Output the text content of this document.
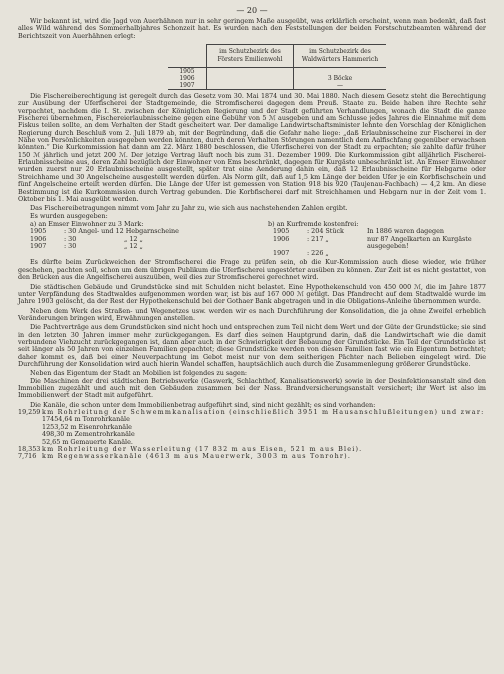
— 20 —

Wir bekannt ist, wird die Jagd von Auerhähnen nur in sehr geringem Maße ausgeübt, was erklärlich erscheint, wenn man bedenkt, daß fast alles Wild während des Sommerhalbjahres Schonzeit hat. Es wurden nach den Feststellungen der beiden Forstschutzbeamten während der Berichtszeit von Auerhähnen erlegt:

	im Schutzbezirk des Försters Emilienwohl	im Schutzbezirk des Waldwärters Hammerich
1905		
1906		3 Böcke
1907		—

Die Fischereiberechtigung ist geregelt durch das Gesetz vom 30. Mai 1874 und 30. Mai 1880. Nach diesem Gesetz steht die Berechtigung zur Ausübung der Uferfischerei der Stadtgemeinde, die Stromfischerei dagegen dem Preuß. Staate zu. Beide haben ihre Rechte sehr verpachtet, nachdem die I. St. zwischen der Königlichen Regierung und der Stadt geführten Verhandlungen, wonach die Stadt die ganze Fischerei übernehmen, Fischereierlaubnisscheine gegen eine Gebühr von 5 ℳ ausgeben und am Schlusse jedes Jahres die Einnahme mit dem Fiskus teilen sollte, an dem Verhalten der Stadt gescheitert war. Der damalige Landwirtschaftsminister lehnte den Vorschlag der Königlichen Regierung durch Beschluß vom 2. Juli 1879 ab, mit der Begründung, daß die Gefahr nahe liege: „daß Erlaubnisscheine zur Fischerei in der Nähe von Persönlichkeiten ausgegeben werden könnten, durch deren Verhalten Störungen namentlich dem Aalfischfang gegenüber erwachsen könnten.“ Die Kurkommission hat dann am 22. März 1880 beschlossen, die Uferfischerei von der Stadt zu erpachten; sie zahlte dafür früher 150 ℳ jährlich und jetzt 200 ℳ. Der jetzige Vertrag läuft noch bis zum 31. Dezember 1909. Die Kurkommission gibt alljährlich Fischerei-Erlaubnisscheine aus, deren Zahl bezüglich der Einwohner von Ems beschränkt, dagegen für Kurgäste unbeschränkt ist. An Emser Einwohner wurden zuerst nur 20 Erlaubnisscheine ausgestellt, später trat eine Aenderung dahin ein, daß 12 Erlaubnisscheine für Hebgarne oder Streichhame und 30 Angelscheine ausgestellt werden dürfen. Als Norm gilt, daß auf 1,5 km Länge der beiden Ufer je ein Korbfischschein und fünf Angelscheine erteilt werden dürfen. Die Länge der Ufer ist gemessen von Station 918 bis 920 (Taujenau-Fachbach) — 4,2 km. An diese Bestimmung ist die Kurkommission durch Vertrag gebunden. Die Korbfischerei darf mit Streichhamen und Hebgarn nur in der Zeit vom 1. Oktober bis 1. Mai ausgeübt werden.

Das Fischereibetragungen nimmt vom Jahr zu Jahr zu, wie sich aus nachstehenden Zahlen ergibt.

Es wurden ausgegeben:

a) an Emser Einwohner zu 3 Mark:	b) an Kurfremde kostenfrei:
1905	: 30 Angel- und 12 Hebgarnscheine
1906	: 30	„ 12 „
1907	: 30	„ 12 „
1905	: 204 Stück	In 1886 waren dagegen
1906	: 217 „	nur 87 Angelkarten an Kurgäste ausgegeben!
1907	: 226 „

Es dürfte beim Zurückweichen der Stromfischerei die Frage zu prüfen sein, ob die Kur-Kommission auch diese wieder, wie früher geschehen, pachten soll, schon um dem übrigen Publikum die Uferfischerei ungestörter ausüben zu können. Zur Zeit ist es nicht gestattet, von den Brücken aus die Angelfischerei auszuüben, weil dies zur Stromfischerei gerechnet wird.

Die städtischen Gebäude und Grundstücke sind mit Schulden nicht belastet. Eine Hypothekenschuld von 450 000 ℳ, die im Jahre 1877 unter Verpfändung des Stadtwaldes aufgenommen worden war, ist bis auf 167 000 ℳ getilgt. Das Pfandrecht auf dem Stadtwalde wurde im Jahre 1903 gelöscht, da der Rest der Hypothekenschuld bei der Gothaer Bank abgetragen und in die Obligations-Anleihe übernommen wurde.

Neben dem Werk des Straßen- und Wegenetzes usw. werden wir es nach Durchführung der Konsolidation, die ja ohne Zweifel erheblich Veränderungen bringen wird, Erwähnungen anstellen.

Die Pachtverträge aus dem Grundstücken sind nicht hoch und entsprechen zum Teil nicht dem Wert und der Güte der Grundstücke; sie sind in den letzten 30 Jahren immer mehr zurückgegangen. Es darf dies seinen Hauptgrund darin, daß die Landwirtschaft wie die damit verbundene Viehzucht zurückgegangen ist, dann aber auch in der Schwierigkeit der Bebauung der Grundstücke. Ein Teil der Grundstücke ist seit länger als 50 Jahren von einzelnen Familien gepachtet; diese Grundstücke werden von diesen Familien fast wie ein Eigentum betrachtet; daher kommt es, daß bei einer Neuverpachtung im Gebot meist nur von dem seitherigen Pächter nach Belieben eingelegt wird. Die Durchführung der Konsolidation wird auch hierin Wandel schaffen, hauptsächlich auch durch die Zusammenlegung größerer Grundstücke.

Neben das Eigentum der Stadt an Mobilien ist folgendes zu sagen:

Die Maschinen der drei städtischen Betriebswerke (Gaswerk, Schlachthof, Kanalisationswerk) sowie in der Desinfektionsanstalt sind den Immobilien zugezählt und auch mit den Gebäuden zusammen bei der Nass. Brandversicherungsanstalt versichert; ihr Wert ist also im Immobilienwert der Stadt mit aufgeführt.

Die Kanäle, die schon unter dem Immobilienbetrag aufgeführt sind, sind nicht gezählt; es sind vorhanden:

19,259 km Rohrleitung der Schwemmkanalisation (einschließlich 3951 m Hausanschlußleitungen) und zwar:
17454,64 m Tonrohrkanäle
1253,52 m Eisenrohrkanäle
498,30 m Zementrohrkanäle
52,65 m Gemauerte Kanäle.
18,353 km Rohrleitung der Wasserleitung (17 832 m aus Eisen, 521 m aus Blei).
7,716 km Regenwasserkanäle (4613 m aus Mauerwerk, 3003 m aus Tonrohr).
